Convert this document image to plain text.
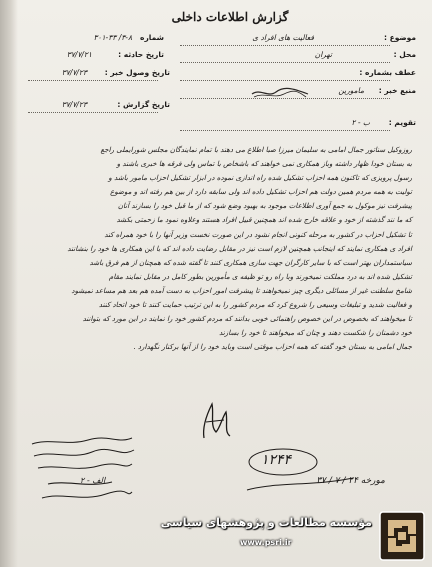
گزارش اطلاعات داخلی
موضوع :
فعالیت های افراد ی
شماره
۳-۸/ ۳۰۱-۳۳
محل :
تهران
تاریخ حادثه :
۳۷/۷/۲۱
عطف بشماره :
تاریخ وصول خبر :
۳۷/۷/۲۳
منبع خبر :
مامورین
تاریخ گزارش :
۳۷/۷/۲۳
تقویم :
ب - ۲

روزوکیل سناتور جمال امامی به سلیمان میرزا صبا اطلاع می دهند با تمام نمایندگان مجلس شورایملی راجع

به بستان خودا ظهار داشته وباز همکاری نمی خواهند که باشخاص با تماس ولی فرقه ها خبری باشند و

رسول پرویزی که تاکنون همه احزاب تشکیل شده راه اندازی نموده در ابزار تشکیل احزاب مامور باشد و

تولیت به همه مردم همین دولت هم احزاب تشکیل داده اند ولی سابقه دارد از بین هم رفته اند و موضوع

پیشرفت نیز موکول به جمع آوری اطلاعات موجود به بهبود وضع شود که از ما قبل خود را بسازند آنان

که ما نند گذشته از خود و علاقه خارج شده اند همچنین قبیل افراد هستند وعلاوه نمود ما زحمتی بکشد

تا تشکیل احزاب در کشور به مرحله کنونی انجام نشود در این صورت نخست وزیر آنها را با خود همراه کند

افراد ی همکاری نمایند که اینجانب همچنین لازم است نیز در مقابل رضایت داده اند که با این همکاری ها خود را بنشانند

سیاستمداران بهتر است که با سایر کارگران جهت سازی همکاری کنند تا گفته شده که همچنان از هم فرق باشد

تشکیل شده اند به درد مملکت نمیخورند وبا راه رو تو ظیفه ی مأمورین بطور کامل در مقابل نمایند مقام

شامخ سلطنت غیر از مسائلی دیگری چیز نمیخواهند تا پیشرفت امور احزاب به دست آمده هم بعد هم مساعد نمیشود

و فعالیت شدید و تبلیغات وسیعی را شروع کرد که مردم کشور را به این ترتیب حمایت کنند تا خود اتحاد کنند

تا میخواهند که بخصوص در این خصوص راهنمائی خوبی بدانند که مردم کشور خود را نمایند در این مورد که بتوانند

خود دشمنان را شکست دهند و چنان که میخواهند تا خود را بسازند

جمال امامی به بستان خود گفته که همه احزاب موقتی است وباید خود را از آنها برکنار نگهدارد .

۱۲۴۴
مورخه ۲۴ / ۷ / ۳۷
الف - ۲
مؤسسه مطالعات و پژوهشهای سیاسی
www.psri.ir
